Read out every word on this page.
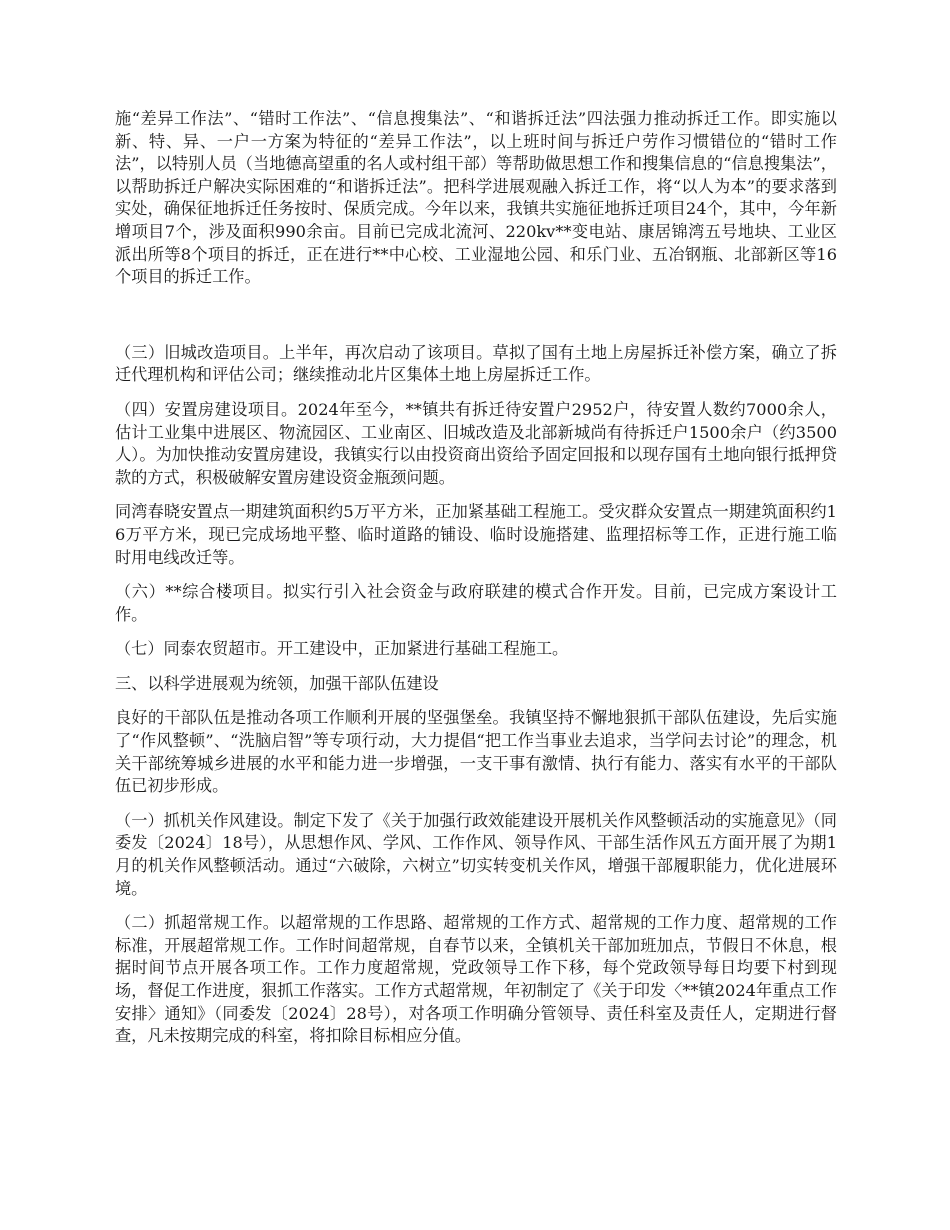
施“差异工作法”、“错时工作法”、“信息搜集法”、“和谐拆迁法”四法强力推动拆迁工作。即实施以新、特、异、一户一方案为特征的“差异工作法”，以上班时间与拆迁户劳作习惯错位的“错时工作法”，以特别人员（当地德高望重的名人或村组干部）等帮助做思想工作和搜集信息的“信息搜集法”，以帮助拆迁户解决实际困难的“和谐拆迁法”。把科学进展观融入拆迁工作，将“以人为本”的要求落到实处，确保征地拆迁任务按时、保质完成。今年以来，我镇共实施征地拆迁项目24个，其中，今年新增项目7个，涉及面积990余亩。目前已完成北流河、220kv**变电站、康居锦湾五号地块、工业区派出所等8个项目的拆迁，正在进行**中心校、工业湿地公园、和乐门业、五冶钢瓶、北部新区等16个项目的拆迁工作。

（三）旧城改造项目。上半年，再次启动了该项目。草拟了国有土地上房屋拆迁补偿方案，确立了拆迁代理机构和评估公司；继续推动北片区集体土地上房屋拆迁工作。

（四）安置房建设项目。2024年至今，**镇共有拆迁待安置户2952户，待安置人数约7000余人，估计工业集中进展区、物流园区、工业南区、旧城改造及北部新城尚有待拆迁户1500余户（约3500人）。为加快推动安置房建设，我镇实行以由投资商出资给予固定回报和以现存国有土地向银行抵押贷款的方式，积极破解安置房建设资金瓶颈问题。

同湾春晓安置点一期建筑面积约5万平方米，正加紧基础工程施工。受灾群众安置点一期建筑面积约16万平方米，现已完成场地平整、临时道路的铺设、临时设施搭建、监理招标等工作，正进行施工临时用电线改迁等。

（六）**综合楼项目。拟实行引入社会资金与政府联建的模式合作开发。目前，已完成方案设计工作。

（七）同泰农贸超市。开工建设中，正加紧进行基础工程施工。

三、以科学进展观为统领，加强干部队伍建设

良好的干部队伍是推动各项工作顺利开展的坚强堡垒。我镇坚持不懈地狠抓干部队伍建设，先后实施了“作风整顿”、“洗脑启智”等专项行动，大力提倡“把工作当事业去追求，当学问去讨论”的理念，机关干部统筹城乡进展的水平和能力进一步增强，一支干事有激情、执行有能力、落实有水平的干部队伍已初步形成。

（一）抓机关作风建设。制定下发了《关于加强行政效能建设开展机关作风整顿活动的实施意见》（同委发〔2024〕18号），从思想作风、学风、工作作风、领导作风、干部生活作风五方面开展了为期1月的机关作风整顿活动。通过“六破除，六树立”切实转变机关作风，增强干部履职能力，优化进展环境。

（二）抓超常规工作。以超常规的工作思路、超常规的工作方式、超常规的工作力度、超常规的工作标准，开展超常规工作。工作时间超常规，自春节以来，全镇机关干部加班加点，节假日不休息，根据时间节点开展各项工作。工作力度超常规，党政领导工作下移，每个党政领导每日均要下村到现场，督促工作进度，狠抓工作落实。工作方式超常规，年初制定了《关于印发〈**镇2024年重点工作安排〉通知》（同委发〔2024〕28号），对各项工作明确分管领导、责任科室及责任人，定期进行督查，凡未按期完成的科室，将扣除目标相应分值。
